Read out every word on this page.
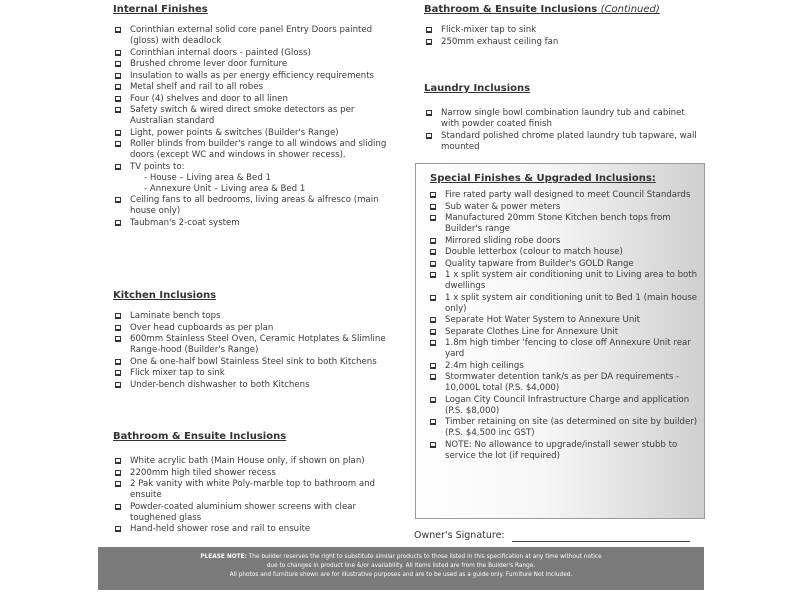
Internal Finishes
Corinthian external solid core panel Entry Doors painted (gloss) with deadlock
Corinthian internal doors - painted (Gloss)
Brushed chrome lever door furniture
Insulation to walls as per energy efficiency requirements
Metal shelf and rail to all robes
Four (4) shelves and door to all linen
Safety switch & wired direct smoke detectors as per Australian standard
Light, power points & switches (Builder's Range)
Roller blinds from builder's range to all windows and sliding doors (except WC and windows in shower recess).
TV points to:
- House – Living area & Bed 1
- Annexure Unit – Living area & Bed 1
Ceiling fans to all bedrooms, living areas & alfresco (main house only)
Taubman's 2-coat system
Kitchen Inclusions
Laminate bench tops
Over head cupboards as per plan
600mm Stainless Steel Oven, Ceramic Hotplates & Slimline Range-hood (Builder's Range)
One & one-half bowl Stainless Steel sink to both Kitchens
Flick mixer tap to sink
Under-bench dishwasher to both Kitchens
Bathroom & Ensuite Inclusions
White acrylic bath (Main House only, if shown on plan)
2200mm high tiled shower recess
2 Pak vanity with white Poly-marble top to bathroom and ensuite
Powder-coated aluminium shower screens with clear toughened glass
Hand-held shower rose and rail to ensuite
Bathroom & Ensuite Inclusions (Continued)
Flick-mixer tap to sink
250mm exhaust ceiling fan
Laundry Inclusions
Narrow single bowl combination laundry tub and cabinet with powder coated finish
Standard polished chrome plated laundry tub tapware, wall mounted
Special Finishes & Upgraded Inclusions:
Fire rated party wall designed to meet Council Standards
Sub water & power meters
Manufactured 20mm Stone Kitchen bench tops from Builder's range
Mirrored sliding robe doors
Double letterbox (colour to match house)
Quality tapware from Builder's GOLD Range
1 x split system air conditioning unit to Living area to both dwellings
1 x split system air conditioning unit to Bed 1 (main house only)
Separate Hot Water System to Annexure Unit
Separate Clothes Line for Annexure Unit
1.8m high timber 'fencing to close off Annexure Unit rear yard
2.4m high ceilings
Stormwater detention tank/s as per DA requirements - 10,000L total (P.S. $4,000)
Logan City Council Infrastructure Charge and application (P.S. $8,000)
Timber retaining on site (as determined on site by builder) (P.S. $4,500 inc GST)
NOTE: No allowance to upgrade/install sewer stubb to service the lot (if required)
Owner's Signature:
PLEASE NOTE: The builder reserves the right to substitute similar products to those listed in this specification at any time without notice
due to changes in product line &/or availability. All items listed are from the Builder's Range.
All photos and furniture shown are for illustrative purposes and are to be used as a guide only. Furniture Not Included.
